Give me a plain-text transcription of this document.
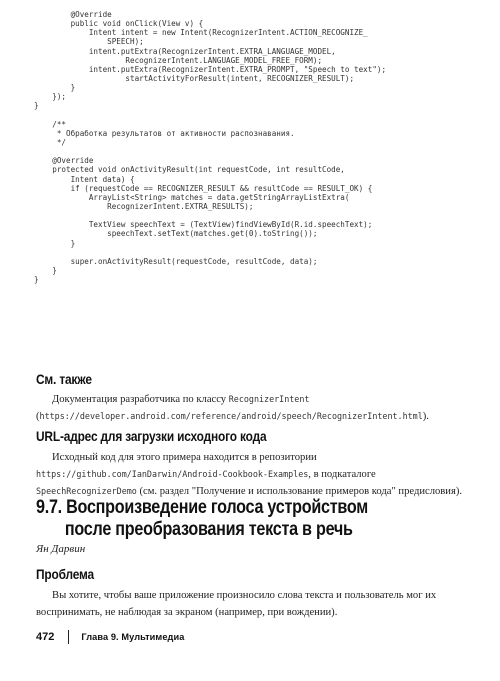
@Override
public void onClick(View v) {
Intent intent = new Intent(RecognizerIntent.ACTION_RECOGNIZE_
SPEECH);
intent.putExtra(RecognizerIntent.EXTRA_LANGUAGE_MODEL,
RecognizerIntent.LANGUAGE_MODEL_FREE_FORM);
intent.putExtra(RecognizerIntent.EXTRA_PROMPT, "Speech to text");
startActivityForResult(intent, RECOGNIZER_RESULT);
}
});
}
/**
* Обработка результатов от активности распознавания.
*/
@Override
protected void onActivityResult(int requestCode, int resultCode,
Intent data) {
if (requestCode == RECOGNIZER_RESULT && resultCode == RESULT_OK) {
ArrayList<String> matches = data.getStringArrayListExtra(
RecognizerIntent.EXTRA_RESULTS);
TextView speechText = (TextView)findViewById(R.id.speechText);
speechText.setText(matches.get(0).toString());
}
super.onActivityResult(requestCode, resultCode, data);
}
}
См. также

Документация разработчика по классу RecognizerIntent (https://developer.android.com/reference/android/speech/RecognizerIntent.html).

URL-адрес для загрузки исходного кода

Исходный код для этого примера находится в репозитории https://github.com/IanDarwin/Android-Cookbook-Examples, в подкаталоге SpeechRecognizerDemo (см. раздел "Получение и использование примеров кода" предисловия).

9.7. Воспроизведение голоса устройством
после преобразования текста в речь

Ян Дарвин

Проблема

Вы хотите, чтобы ваше приложение произносило слова текста и пользователь мог их воспринимать, не наблюдая за экраном (например, при вождении).

472	Глава 9. Мультимедиа
